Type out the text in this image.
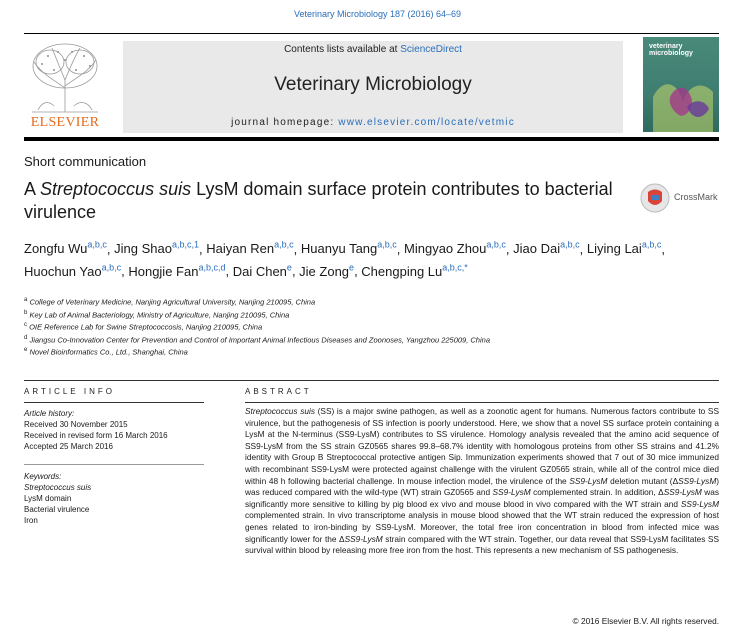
Veterinary Microbiology 187 (2016) 64–69
ELSEVIER
Contents lists available at ScienceDirect
Veterinary Microbiology
journal homepage: www.elsevier.com/locate/vetmic
veterinary microbiology
Short communication
A Streptococcus suis LysM domain surface protein contributes to bacterial virulence
CrossMark
Zongfu Wu$^{a,b,c}$, Jing Shao$^{a,b,c,1}$, Haiyan Ren$^{a,b,c}$, Huanyu Tang$^{a,b,c}$, Mingyao Zhou$^{a,b,c}$, Jiao Dai$^{a,b,c}$, Liying Lai$^{a,b,c}$, Huochun Yao$^{a,b,c}$, Hongjie Fan$^{a,b,c,d}$, Dai Chen$^e$, Jie Zong$^e$, Chengping $Lu^{a,b,c,*}$
$^a$ College of Veterinary Medicine, Nanjing Agricultural University, Nanjing 210095, China
$^b$ Key Lab of Animal Bacteriology, Ministry of Agriculture, Nanjing 210095, China
$^c$ OIE Reference Lab for Swine Streptococcosis, Nanjing 210095, China
$^d$ Jiangsu Co-Innovation Center for Prevention and Control of Important Animal Infectious Diseases and Zoonoses, Yangzhou 225009, China
$^e$ Novel Bioinformatics Co., Ltd., Shanghai, China
ARTICLE INFO	ABSTRACT
Article history:
Received 30 November 2015
Received in revised form 16 March 2016
Accepted 25 March 2016
Keywords:
Streptococcus suis
LysM domain
Bacterial virulence
Iron
Streptococcus suis (SS) is a major swine pathogen, as well as a zoonotic agent for humans. Numerous factors contribute to SS virulence, but the pathogenesis of SS infection is poorly understood. Here, we show that a novel SS surface protein containing a LysM at the N-terminus (SS9-LysM) contributes to SS virulence. Homology analysis revealed that the amino acid sequence of SS9-LysM from the SS strain GZ0565 shares 99.8–68.7% identity with homologous proteins from other SS strains and 41.2% identity with Group B Streptococcal protective antigen Sip. Immunization experiments showed that 7 out of 30 mice immunized with recombinant SS9-LysM were protected against challenge with the virulent GZ0565 strain, while all of the control mice died within 48 h following bacterial challenge. In mouse infection model, the virulence of the SS9-LysM deletion mutant (ΔSS9-LysM) was reduced compared with the wild-type (WT) strain GZ0565 and SS9-LysM complemented strain. In addition, ΔSS9-LysM was significantly more sensitive to killing by pig blood ex vivo and mouse blood in vivo compared with the WT strain and SS9-LysM complemented strain. In vivo transcriptome analysis in mouse blood showed that the WT strain reduced the expression of host genes related to iron-binding by SS9-LysM. Moreover, the total free iron concentration in blood from infected mice was significantly lower for the ΔSS9-LysM strain compared with the WT strain. Together, our data reveal that SS9-LysM facilitates SS survival within blood by releasing more free iron from the host. This represents a new mechanism of SS pathogenesis.
© 2016 Elsevier B.V. All rights reserved.
